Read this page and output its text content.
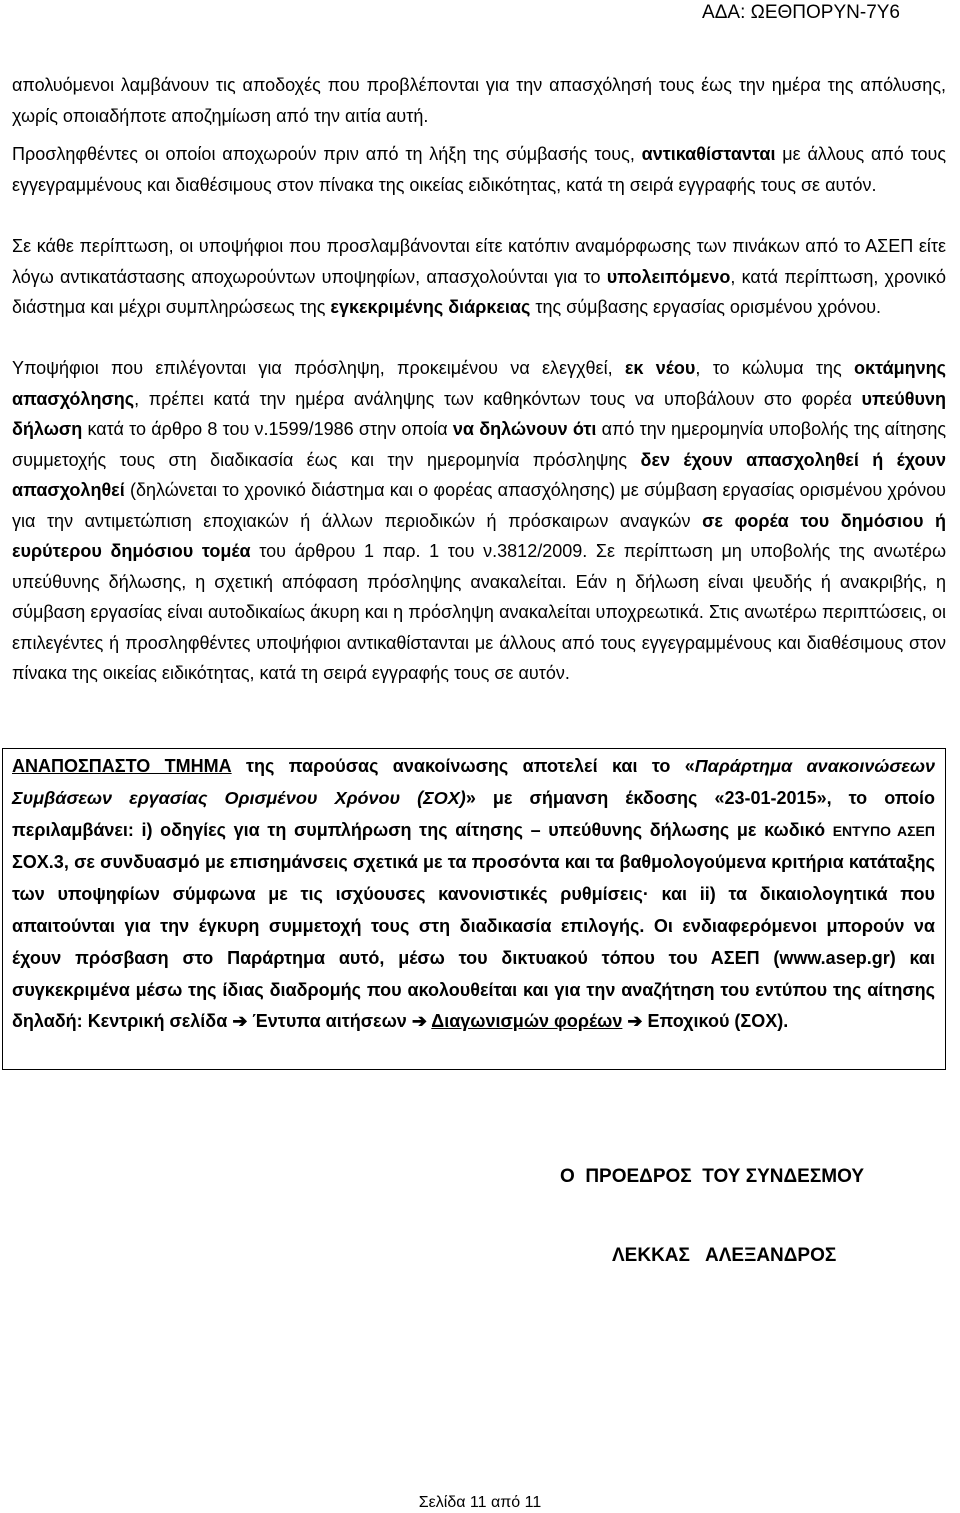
ΑΔΑ: ΩΕΘΠΟΡΥΝ-7Υ6

απολυόμενοι λαμβάνουν τις αποδοχές που προβλέπονται για την απασχόλησή τους έως την ημέρα της απόλυσης, χωρίς οποιαδήποτε αποζημίωση από την αιτία αυτή.

Προσληφθέντες οι οποίοι αποχωρούν πριν από τη λήξη της σύμβασής τους, αντικαθίστανται με άλλους από τους εγγεγραμμένους και διαθέσιμους στον πίνακα της οικείας ειδικότητας, κατά τη σειρά εγγραφής τους σε αυτόν.

Σε κάθε περίπτωση, οι υποψήφιοι που προσλαμβάνονται είτε κατόπιν αναμόρφωσης των πινάκων από το ΑΣΕΠ είτε λόγω αντικατάστασης αποχωρούντων υποψηφίων, απασχολούνται για το υπολειπόμενο, κατά περίπτωση, χρονικό διάστημα και μέχρι συμπληρώσεως της εγκεκριμένης διάρκειας της σύμβασης εργασίας ορισμένου χρόνου.

Υποψήφιοι που επιλέγονται για πρόσληψη, προκειμένου να ελεγχθεί, εκ νέου, το κώλυμα της οκτάμηνης απασχόλησης, πρέπει κατά την ημέρα ανάληψης των καθηκόντων τους να υποβάλουν στο φορέα υπεύθυνη δήλωση κατά το άρθρο 8 του ν.1599/1986 στην οποία να δηλώνουν ότι από την ημερομηνία υποβολής της αίτησης συμμετοχής τους στη διαδικασία έως και την ημερομηνία πρόσληψης δεν έχουν απασχοληθεί ή έχουν απασχοληθεί (δηλώνεται το χρονικό διάστημα και ο φορέας απασχόλησης) με σύμβαση εργασίας ορισμένου χρόνου για την αντιμετώπιση εποχιακών ή άλλων περιοδικών ή πρόσκαιρων αναγκών σε φορέα του δημόσιου ή ευρύτερου δημόσιου τομέα του άρθρου 1 παρ. 1 του ν.3812/2009. Σε περίπτωση μη υποβολής της ανωτέρω υπεύθυνης δήλωσης, η σχετική απόφαση πρόσληψης ανακαλείται. Εάν η δήλωση είναι ψευδής ή ανακριβής, η σύμβαση εργασίας είναι αυτοδικαίως άκυρη και η πρόσληψη ανακαλείται υποχρεωτικά. Στις ανωτέρω περιπτώσεις, οι επιλεγέντες ή προσληφθέντες υποψήφιοι αντικαθίστανται με άλλους από τους εγγεγραμμένους και διαθέσιμους στον πίνακα της οικείας ειδικότητας, κατά τη σειρά εγγραφής τους σε αυτόν.

ΑΝΑΠΟΣΠΑΣΤΟ ΤΜΗΜΑ της παρούσας ανακοίνωσης αποτελεί και το «Παράρτημα ανακοινώσεων Συμβάσεων εργασίας Ορισμένου Χρόνου (ΣΟΧ)» με σήμανση έκδοσης «23-01-2015», το οποίο περιλαμβάνει: i) οδηγίες για τη συμπλήρωση της αίτησης – υπεύθυνης δήλωσης με κωδικό ΕΝΤΥΠΟ ΑΣΕΠ ΣΟΧ.3, σε συνδυασμό με επισημάνσεις σχετικά με τα προσόντα και τα βαθμολογούμενα κριτήρια κατάταξης των υποψηφίων σύμφωνα με τις ισχύουσες κανονιστικές ρυθμίσεις· και ii) τα δικαιολογητικά που απαιτούνται για την έγκυρη συμμετοχή τους στη διαδικασία επιλογής. Οι ενδιαφερόμενοι μπορούν να έχουν πρόσβαση στο Παράρτημα αυτό, μέσω του δικτυακού τόπου του ΑΣΕΠ (www.asep.gr) και συγκεκριμένα μέσω της ίδιας διαδρομής που ακολουθείται και για την αναζήτηση του εντύπου της αίτησης δηλαδή: Κεντρική σελίδα ➔ Έντυπα αιτήσεων ➔ Διαγωνισμών φορέων ➔ Εποχικού (ΣΟΧ).

Ο  ΠΡΟΕΔΡΟΣ  ΤΟΥ ΣΥΝΔΕΣΜΟΥ
ΛΕΚΚΑΣ   ΑΛΕΞΑΝΔΡΟΣ
Σελίδα 11 από 11
